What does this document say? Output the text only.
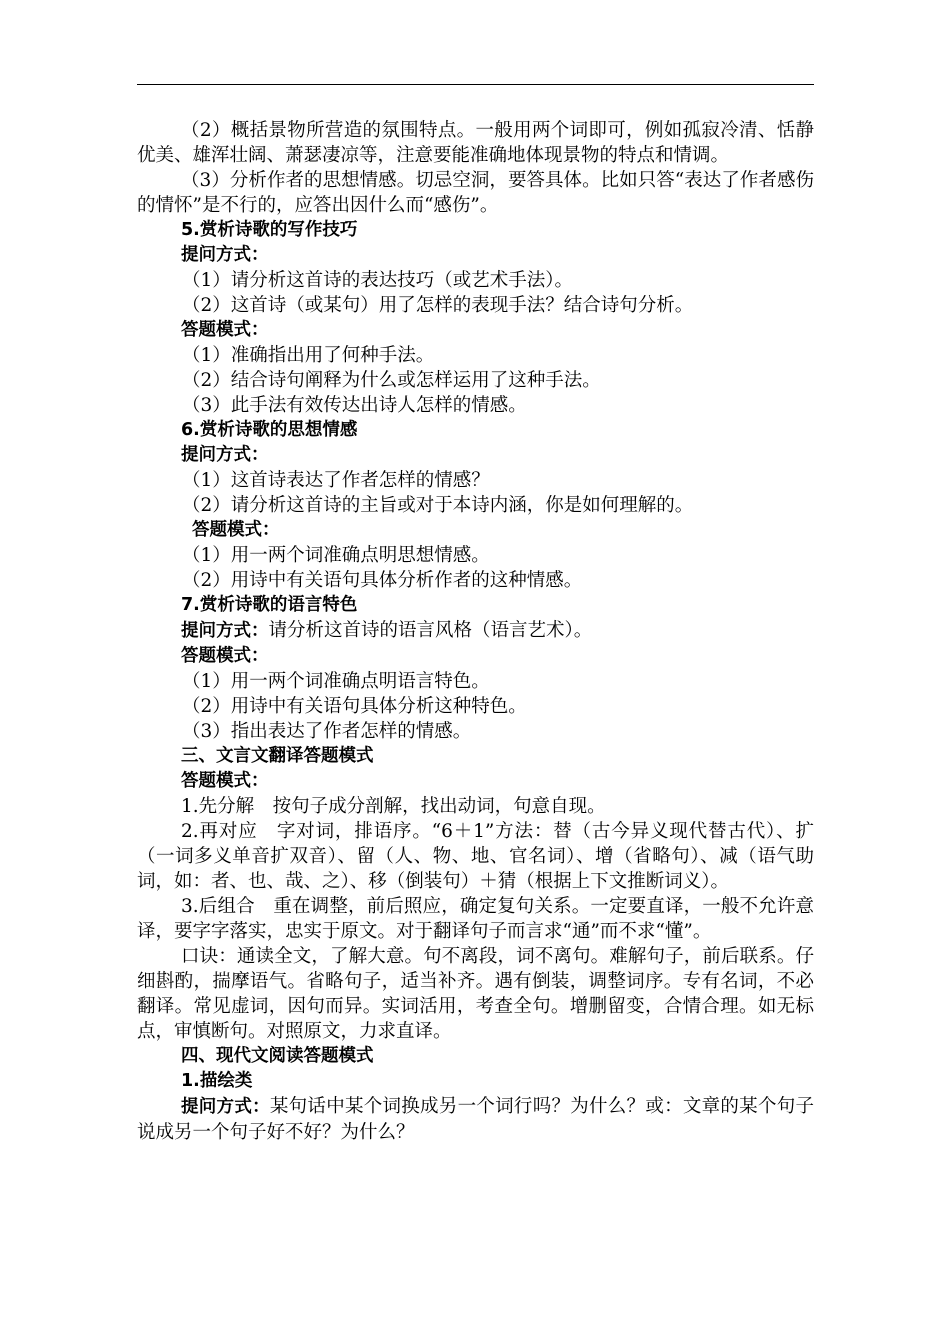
（2）概括景物所营造的氛围特点。一般用两个词即可，例如孤寂冷清、恬静优美、雄浑壮阔、萧瑟凄凉等，注意要能准确地体现景物的特点和情调。

（3）分析作者的思想情感。切忌空洞，要答具体。比如只答“表达了作者感伤的情怀”是不行的，应答出因什么而“感伤”。

5.赏析诗歌的写作技巧

提问方式：

（1）请分析这首诗的表达技巧（或艺术手法）。

（2）这首诗（或某句）用了怎样的表现手法？结合诗句分析。

答题模式：

（1）准确指出用了何种手法。

（2）结合诗句阐释为什么或怎样运用了这种手法。

（3）此手法有效传达出诗人怎样的情感。

6.赏析诗歌的思想情感

提问方式：

（1）这首诗表达了作者怎样的情感？

（2）请分析这首诗的主旨或对于本诗内涵，你是如何理解的。

答题模式：

（1）用一两个词准确点明思想情感。

（2）用诗中有关语句具体分析作者的这种情感。

7.赏析诗歌的语言特色

提问方式：请分析这首诗的语言风格（语言艺术）。

答题模式：

（1）用一两个词准确点明语言特色。

（2）用诗中有关语句具体分析这种特色。

（3）指出表达了作者怎样的情感。

三、文言文翻译答题模式

答题模式：

1.先分解　按句子成分剖解，找出动词，句意自现。

2.再对应　字对词，排语序。“6＋1”方法：替（古今异义现代替古代）、扩（一词多义单音扩双音）、留（人、物、地、官名词）、增（省略句）、减（语气助词，如：者、也、哉、之）、移（倒装句）＋猜（根据上下文推断词义）。

3.后组合　重在调整，前后照应，确定复句关系。一定要直译，一般不允许意译，要字字落实，忠实于原文。对于翻译句子而言求“通”而不求“懂”。

口诀：通读全文，了解大意。句不离段，词不离句。难解句子，前后联系。仔细斟酌，揣摩语气。省略句子，适当补齐。遇有倒装，调整词序。专有名词，不必翻译。常见虚词，因句而异。实词活用，考查全句。增删留变，合情合理。如无标点，审慎断句。对照原文，力求直译。

四、现代文阅读答题模式

1.描绘类

提问方式：某句话中某个词换成另一个词行吗？为什么？或：文章的某个句子说成另一个句子好不好？为什么？
